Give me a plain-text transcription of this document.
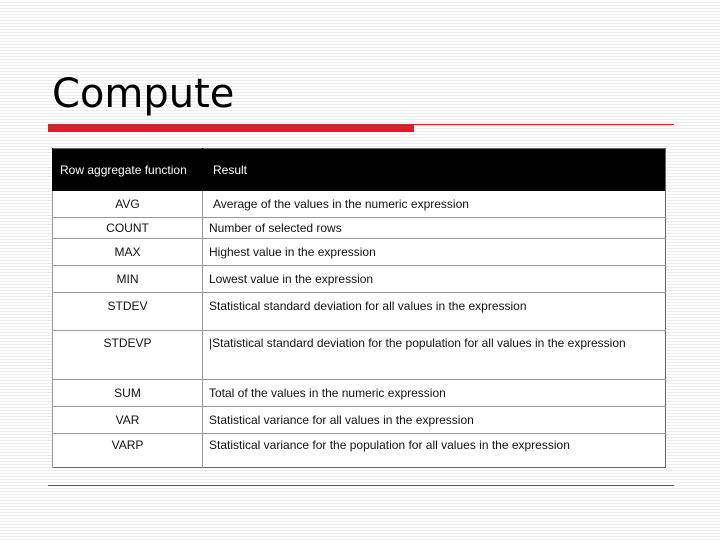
Compute
Row aggregate function	Result
AVG	Average of the values in the numeric expression
COUNT	Number of selected rows
MAX	Highest value in the expression
MIN	Lowest value in the expression
STDEV	Statistical standard deviation for all values in the expression
STDEVP	|Statistical standard deviation for the population for all values in the expression
SUM	Total of the values in the numeric expression
VAR	Statistical variance for all values in the expression
VARP	Statistical variance for the population for all values in the expression
